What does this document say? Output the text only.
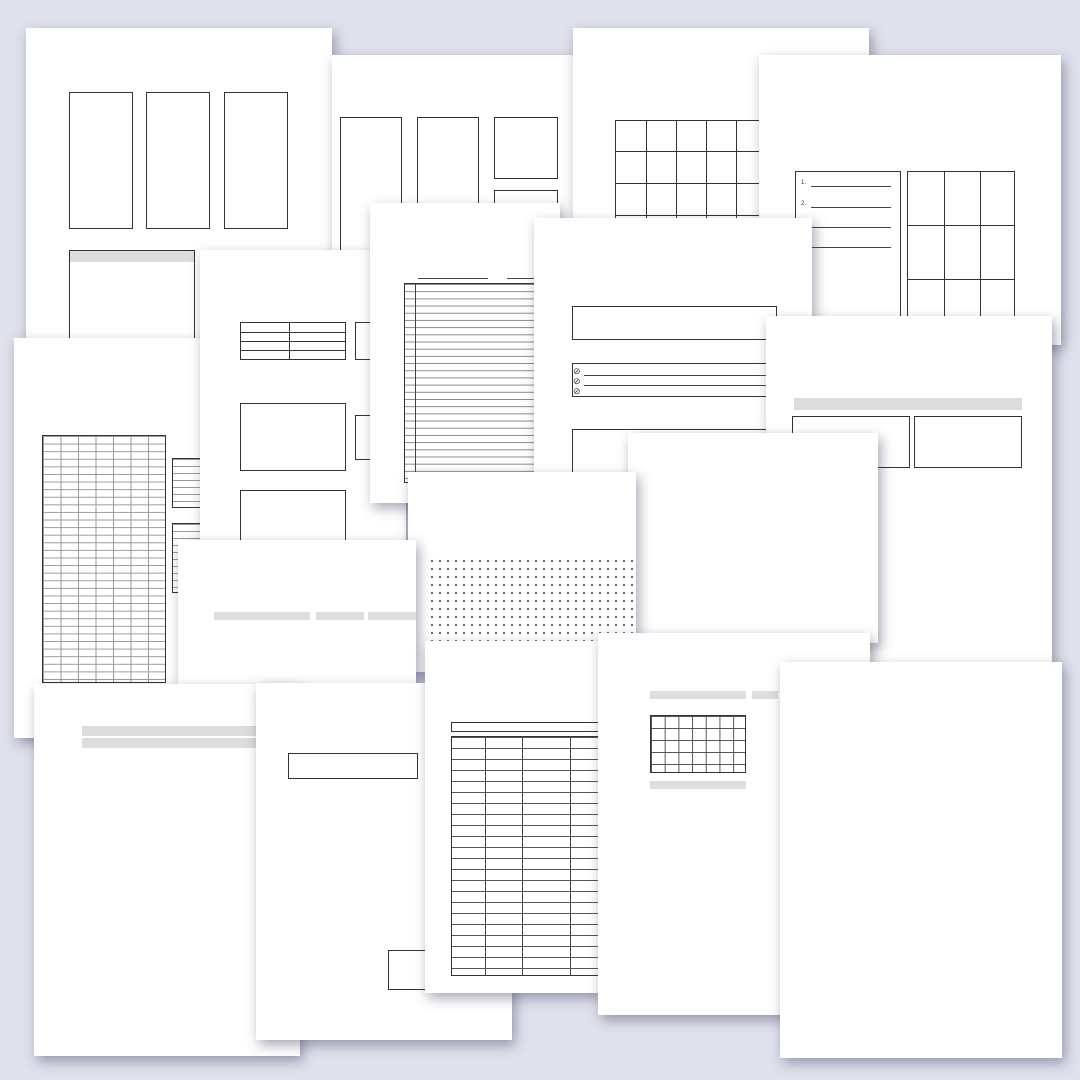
1.
2.
⊘
⊘
⊘
